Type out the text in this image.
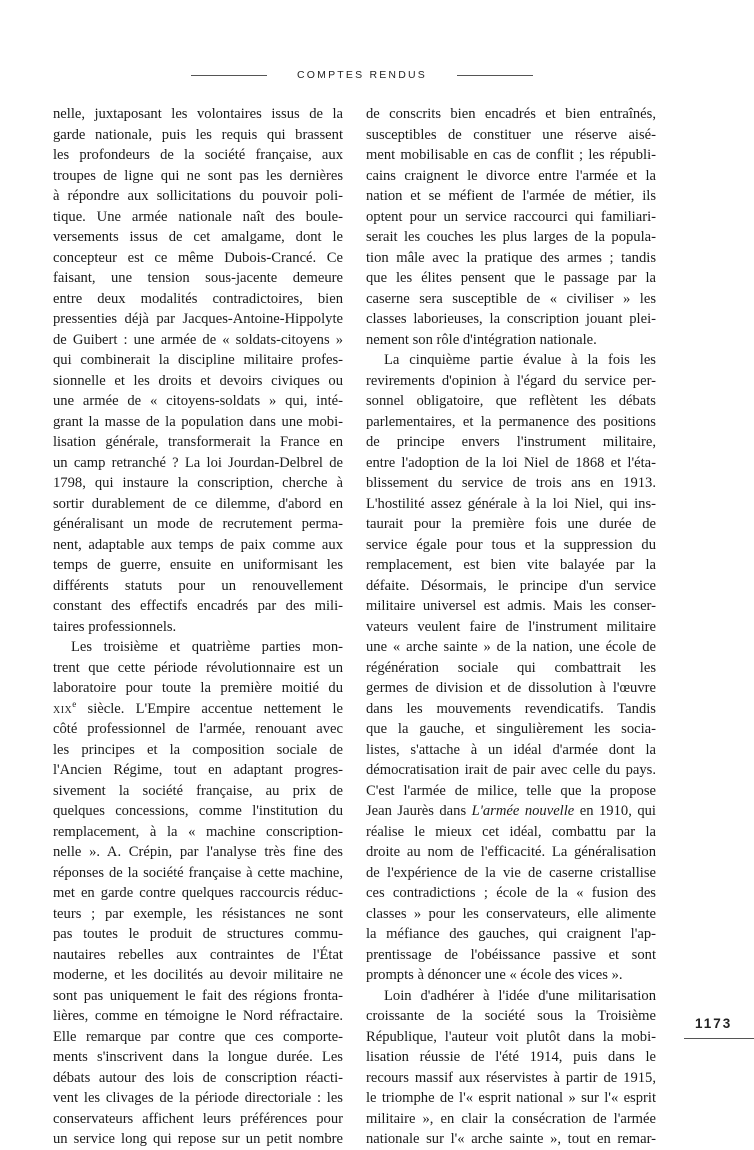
COMPTES RENDUS
nelle, juxtaposant les volontaires issus de la
garde nationale, puis les requis qui brassent
les profondeurs de la société française, aux
troupes de ligne qui ne sont pas les dernières
à répondre aux sollicitations du pouvoir poli-
tique. Une armée nationale naît des boule-
versements issus de cet amalgame, dont le
concepteur est ce même Dubois-Crancé. Ce
faisant, une tension sous-jacente demeure
entre deux modalités contradictoires, bien
pressenties déjà par Jacques-Antoine-Hippolyte
de Guibert : une armée de « soldats-citoyens »
qui combinerait la discipline militaire profes-
sionnelle et les droits et devoirs civiques ou
une armée de « citoyens-soldats » qui, inté-
grant la masse de la population dans une mobi-
lisation générale, transformerait la France en
un camp retranché ? La loi Jourdan-Delbrel de
1798, qui instaure la conscription, cherche à
sortir durablement de ce dilemme, d'abord en
généralisant un mode de recrutement perma-
nent, adaptable aux temps de paix comme aux
temps de guerre, ensuite en uniformisant les
différents statuts pour un renouvellement
constant des effectifs encadrés par des mili-
taires professionnels.
Les troisième et quatrième parties mon-
trent que cette période révolutionnaire est un
laboratoire pour toute la première moitié du
xix$^e$ siècle. L'Empire accentue nettement le
côté professionnel de l'armée, renouant avec
les principes et la composition sociale de
l'Ancien Régime, tout en adaptant progres-
sivement la société française, au prix de
quelques concessions, comme l'institution du
remplacement, à la « machine conscription-
nelle ». A. Crépin, par l'analyse très fine des
réponses de la société française à cette machine,
met en garde contre quelques raccourcis réduc-
teurs ; par exemple, les résistances ne sont
pas toutes le produit de structures commu-
nautaires rebelles aux contraintes de l'État
moderne, et les docilités au devoir militaire ne
sont pas uniquement le fait des régions fronta-
lières, comme en témoigne le Nord réfractaire.
Elle remarque par contre que ces comporte-
ments s'inscrivent dans la longue durée. Les
débats autour des lois de conscription réacti-
vent les clivages de la période directoriale : les
conservateurs affichent leurs préférences pour
un service long qui repose sur un petit nombre
de conscrits bien encadrés et bien entraînés,
susceptibles de constituer une réserve aisé-
ment mobilisable en cas de conflit ; les républi-
cains craignent le divorce entre l'armée et la
nation et se méfient de l'armée de métier, ils
optent pour un service raccourci qui familiari-
serait les couches les plus larges de la popula-
tion mâle avec la pratique des armes ; tandis
que les élites pensent que le passage par la
caserne sera susceptible de « civiliser » les
classes laborieuses, la conscription jouant plei-
nement son rôle d'intégration nationale.
La cinquième partie évalue à la fois les
revirements d'opinion à l'égard du service per-
sonnel obligatoire, que reflètent les débats
parlementaires, et la permanence des positions
de principe envers l'instrument militaire,
entre l'adoption de la loi Niel de 1868 et l'éta-
blissement du service de trois ans en 1913.
L'hostilité assez générale à la loi Niel, qui ins-
taurait pour la première fois une durée de
service égale pour tous et la suppression du
remplacement, est bien vite balayée par la
défaite. Désormais, le principe d'un service
militaire universel est admis. Mais les conser-
vateurs veulent faire de l'instrument militaire
une « arche sainte » de la nation, une école de
régénération sociale qui combattrait les
germes de division et de dissolution à l'œuvre
dans les mouvements revendicatifs. Tandis
que la gauche, et singulièrement les socia-
listes, s'attache à un idéal d'armée dont la
démocratisation irait de pair avec celle du pays.
C'est l'armée de milice, telle que la propose
Jean Jaurès dans L'armée nouvelle en 1910, qui
réalise le mieux cet idéal, combattu par la
droite au nom de l'efficacité. La généralisation
de l'expérience de la vie de caserne cristallise
ces contradictions ; école de la « fusion des
classes » pour les conservateurs, elle alimente
la méfiance des gauches, qui craignent l'ap-
prentissage de l'obéissance passive et sont
prompts à dénoncer une « école des vices ».
Loin d'adhérer à l'idée d'une militarisation
croissante de la société sous la Troisième
République, l'auteur voit plutôt dans la mobi-
lisation réussie de l'été 1914, puis dans le
recours massif aux réservistes à partir de 1915,
le triomphe de l'« esprit national » sur l'« esprit
militaire », en clair la consécration de l'armée
nationale sur l'« arche sainte », tout en remar-
1173
